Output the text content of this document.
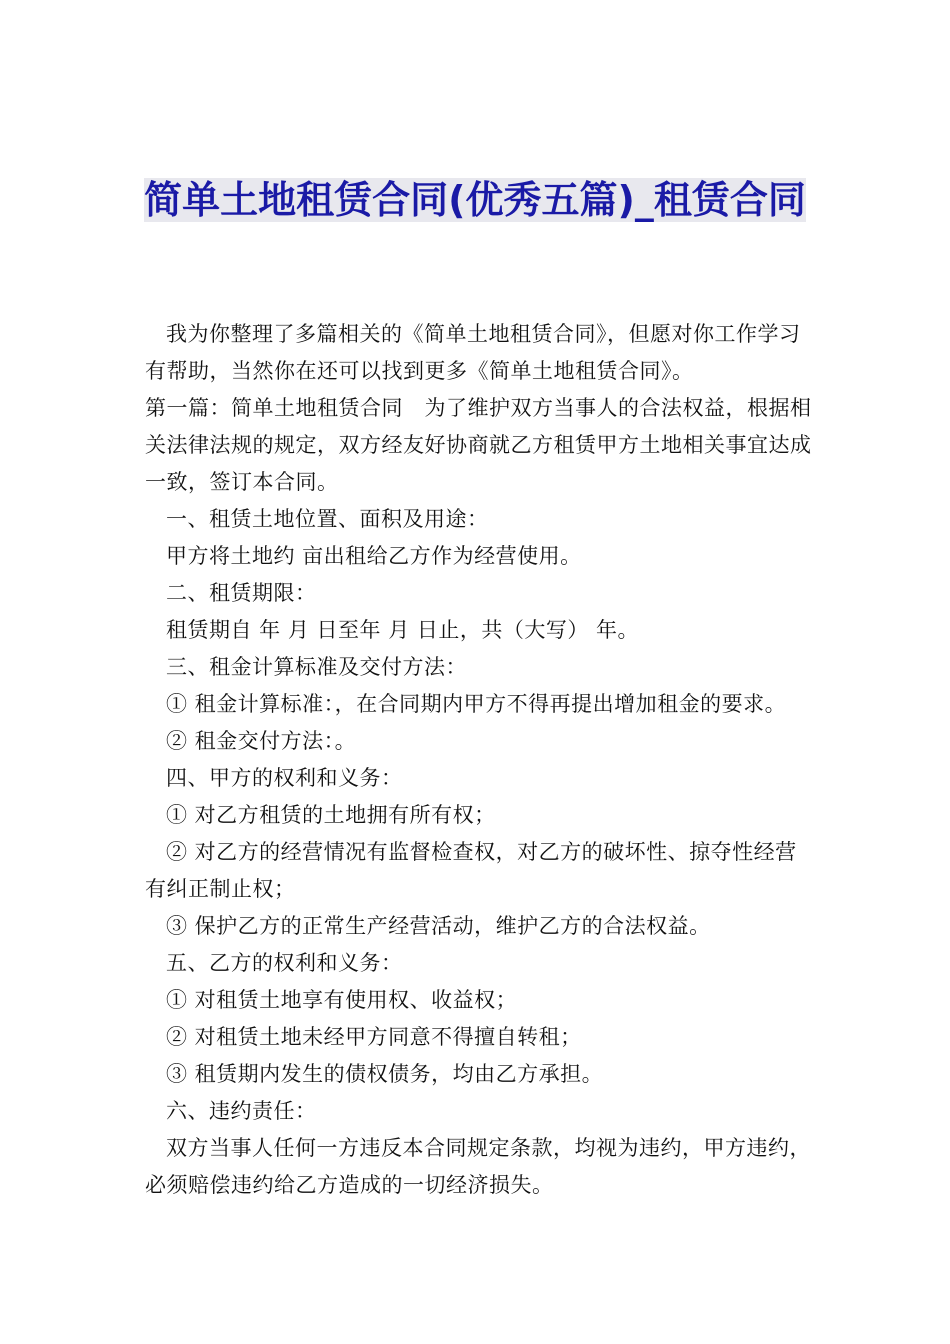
简单土地租赁合同(优秀五篇)_租赁合同

我为你整理了多篇相关的《简单土地租赁合同》，但愿对你工作学习有帮助，当然你在还可以找到更多《简单土地租赁合同》。

第一篇：简单土地租赁合同　为了维护双方当事人的合法权益，根据相关法律法规的规定，双方经友好协商就乙方租赁甲方土地相关事宜达成一致，签订本合同。

一、租赁土地位置、面积及用途：

甲方将土地约 亩出租给乙方作为经营使用。

二、租赁期限：

租赁期自 年 月 日至年 月 日止，共（大写） 年。

三、租金计算标准及交付方法：

① 租金计算标准：，在合同期内甲方不得再提出增加租金的要求。

② 租金交付方法：。

四、甲方的权利和义务：

① 对乙方租赁的土地拥有所有权；

② 对乙方的经营情况有监督检查权，对乙方的破坏性、掠夺性经营有纠正制止权；

③ 保护乙方的正常生产经营活动，维护乙方的合法权益。

五、乙方的权利和义务：

① 对租赁土地享有使用权、收益权；

② 对租赁土地未经甲方同意不得擅自转租；

③ 租赁期内发生的债权债务，均由乙方承担。

六、违约责任：

双方当事人任何一方违反本合同规定条款，均视为违约，甲方违约，必须赔偿违约给乙方造成的一切经济损失。
